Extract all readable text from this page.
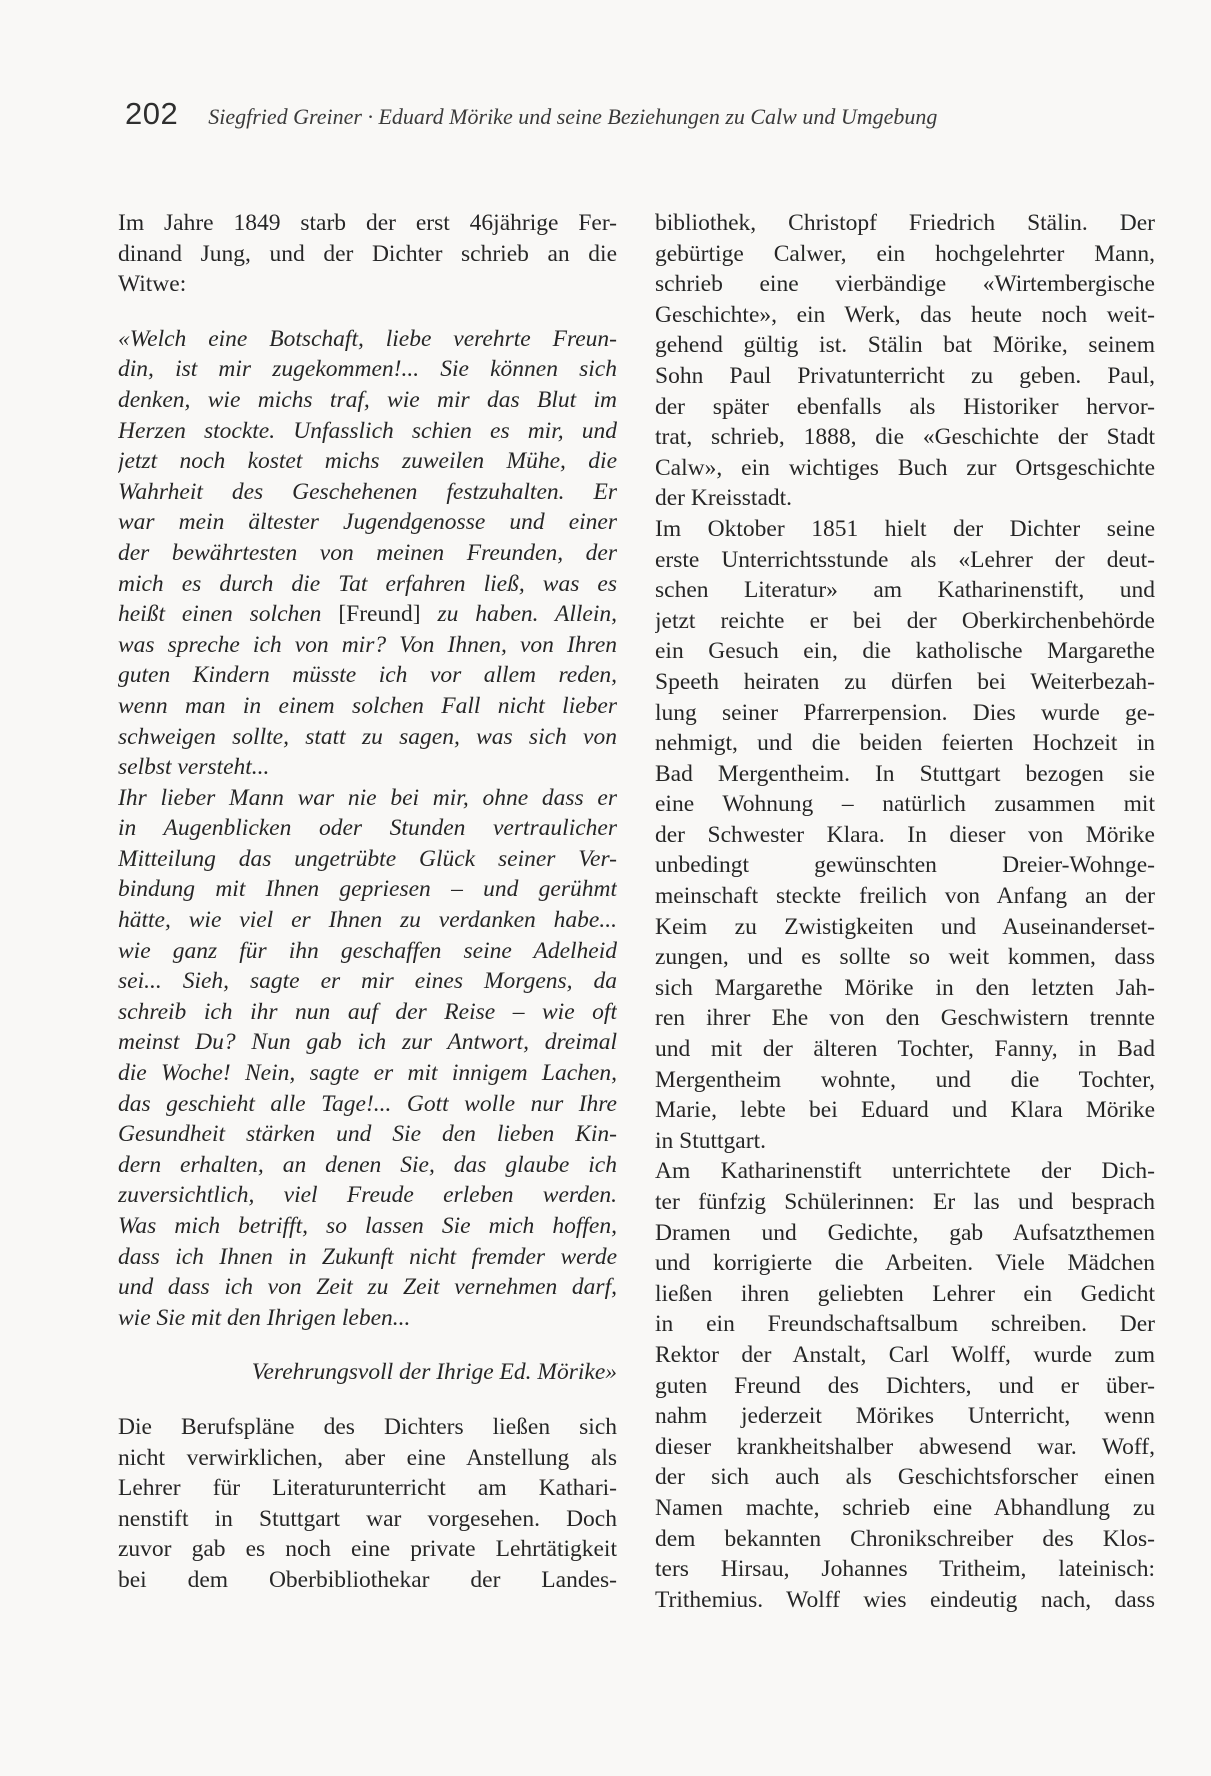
202 Siegfried Greiner · Eduard Mörike und seine Beziehungen zu Calw und Umgebung
Im Jahre 1849 starb der erst 46jährige Fer-
dinand Jung, und der Dichter schrieb an die
Witwe:
«Welch eine Botschaft, liebe verehrte Freun-
din, ist mir zugekommen!... Sie können sich
denken, wie michs traf, wie mir das Blut im
Herzen stockte. Unfasslich schien es mir, und
jetzt noch kostet michs zuweilen Mühe, die
Wahrheit des Geschehenen festzuhalten. Er
war mein ältester Jugendgenosse und einer
der bewährtesten von meinen Freunden, der
mich es durch die Tat erfahren ließ, was es
heißt einen solchen [Freund] zu haben. Allein,
was spreche ich von mir? Von Ihnen, von Ihren
guten Kindern müsste ich vor allem reden,
wenn man in einem solchen Fall nicht lieber
schweigen sollte, statt zu sagen, was sich von
selbst versteht...
Ihr lieber Mann war nie bei mir, ohne dass er
in Augenblicken oder Stunden vertraulicher
Mitteilung das ungetrübte Glück seiner Ver-
bindung mit Ihnen gepriesen – und gerühmt
hätte, wie viel er Ihnen zu verdanken habe...
wie ganz für ihn geschaffen seine Adelheid
sei... Sieh, sagte er mir eines Morgens, da
schreib ich ihr nun auf der Reise – wie oft
meinst Du? Nun gab ich zur Antwort, dreimal
die Woche! Nein, sagte er mit innigem Lachen,
das geschieht alle Tage!... Gott wolle nur Ihre
Gesundheit stärken und Sie den lieben Kin-
dern erhalten, an denen Sie, das glaube ich
zuversichtlich, viel Freude erleben werden.
Was mich betrifft, so lassen Sie mich hoffen,
dass ich Ihnen in Zukunft nicht fremder werde
und dass ich von Zeit zu Zeit vernehmen darf,
wie Sie mit den Ihrigen leben...
Verehrungsvoll der Ihrige Ed. Mörike»
Die Berufspläne des Dichters ließen sich
nicht verwirklichen, aber eine Anstellung als
Lehrer für Literaturunterricht am Kathari-
nenstift in Stuttgart war vorgesehen. Doch
zuvor gab es noch eine private Lehrtätigkeit
bei dem Oberbibliothekar der Landes-
bibliothek, Christopf Friedrich Stälin. Der
gebürtige Calwer, ein hochgelehrter Mann,
schrieb eine vierbändige «Wirtembergische
Geschichte», ein Werk, das heute noch weit-
gehend gültig ist. Stälin bat Mörike, seinem
Sohn Paul Privatunterricht zu geben. Paul,
der später ebenfalls als Historiker hervor-
trat, schrieb, 1888, die «Geschichte der Stadt
Calw», ein wichtiges Buch zur Ortsgeschichte
der Kreisstadt.
Im Oktober 1851 hielt der Dichter seine
erste Unterrichtsstunde als «Lehrer der deut-
schen Literatur» am Katharinenstift, und
jetzt reichte er bei der Oberkirchenbehörde
ein Gesuch ein, die katholische Margarethe
Speeth heiraten zu dürfen bei Weiterbezah-
lung seiner Pfarrerpension. Dies wurde ge-
nehmigt, und die beiden feierten Hochzeit in
Bad Mergentheim. In Stuttgart bezogen sie
eine Wohnung – natürlich zusammen mit
der Schwester Klara. In dieser von Mörike
unbedingt gewünschten Dreier-Wohnge-
meinschaft steckte freilich von Anfang an der
Keim zu Zwistigkeiten und Auseinanderset-
zungen, und es sollte so weit kommen, dass
sich Margarethe Mörike in den letzten Jah-
ren ihrer Ehe von den Geschwistern trennte
und mit der älteren Tochter, Fanny, in Bad
Mergentheim wohnte, und die Tochter,
Marie, lebte bei Eduard und Klara Mörike
in Stuttgart.
Am Katharinenstift unterrichtete der Dich-
ter fünfzig Schülerinnen: Er las und besprach
Dramen und Gedichte, gab Aufsatzthemen
und korrigierte die Arbeiten. Viele Mädchen
ließen ihren geliebten Lehrer ein Gedicht
in ein Freundschaftsalbum schreiben. Der
Rektor der Anstalt, Carl Wolff, wurde zum
guten Freund des Dichters, und er über-
nahm jederzeit Mörikes Unterricht, wenn
dieser krankheitshalber abwesend war. Woff,
der sich auch als Geschichtsforscher einen
Namen machte, schrieb eine Abhandlung zu
dem bekannten Chronikschreiber des Klos-
ters Hirsau, Johannes Tritheim, lateinisch:
Trithemius. Wolff wies eindeutig nach, dass
